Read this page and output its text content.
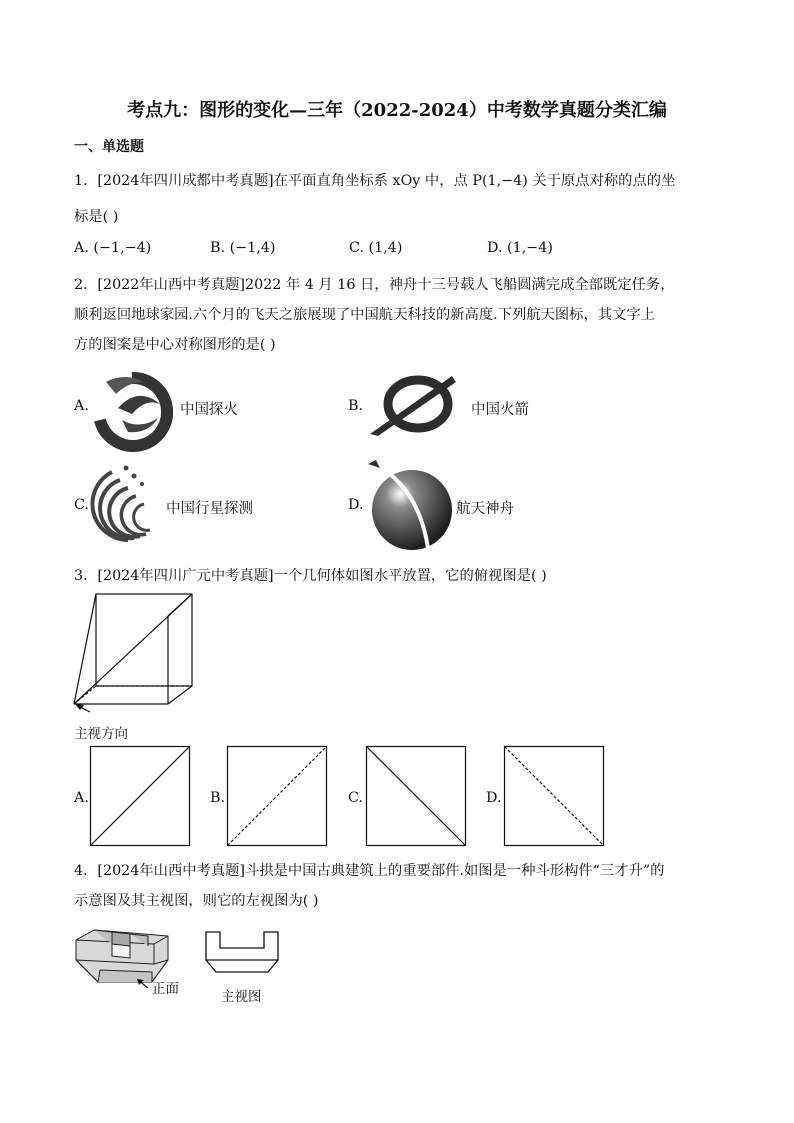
考点九：图形的变化—三年（2022-2024）中考数学真题分类汇编
一、单选题
1．[2024年四川成都中考真题]在平面直角坐标系 xOy 中，点 P(1,−4) 关于原点对称的点的坐
标是( )
A. (−1,−4)	B. (−1,4)	C. (1,4)	D. (1,−4)
2．[2022年山西中考真题]2022 年 4 月 16 日，神舟十三号载人飞船圆满完成全部既定任务，
顺利返回地球家园.六个月的飞天之旅展现了中国航天科技的新高度.下列航天图标，其文字上
方的图案是中心对称图形的是( )
A.	中国探火	B.	中国火箭
C.	中国行星探测	D.	航天神舟
3．[2024年四川广元中考真题]一个几何体如图水平放置，它的俯视图是( )
主视方向
A.	B.	C.	D.
4．[2024年山西中考真题]斗拱是中国古典建筑上的重要部件.如图是一种斗形构件“三才升”的
示意图及其主视图，则它的左视图为( )
正面	主视图
